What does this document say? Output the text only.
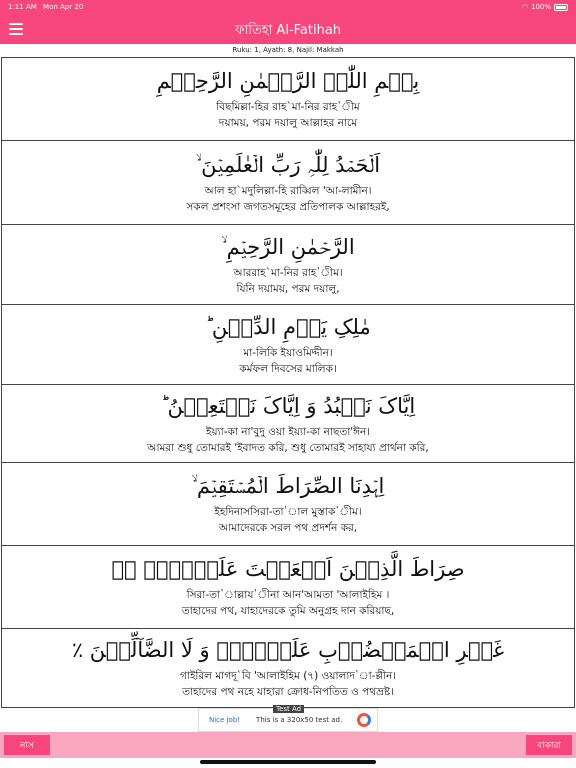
1:11 AM Mon Apr 20	◠ 100%
ফাতিহা Al-Fatihah
Ruku: 1, Ayath: 8, Najil: Makkah
بِسۡمِ اللّٰہِ الرَّحۡمٰنِ الرَّحِیۡمِ
বিছমিল্লা-হির রাহ`মা-নির রাহ`ীম
দয়াময়, পরম দয়ালু আল্লাহর নামে
اَلۡحَمۡدُ لِلّٰہِ رَبِّ الۡعٰلَمِیۡنَ ۙ
আল হা`মদুলিল্লা-হি রাব্বিল 'আ-লামীন।
সকল প্রশংসা জগতসমূহের প্রতিপালক আল্লাহরই,
الرَّحۡمٰنِ الرَّحِیۡمِ ۙ
আররাহ`মা-নির রাহ`ীম।
যিনি দয়াময়, পরম দয়ালু,
مٰلِکِ یَوۡمِ الدِّیۡنِ ؕ
মা-লিকি ইয়াওমিদ্দীন।
কর্মফল দিবসের মালিক।
اِیَّاکَ نَعۡبُدُ وَ اِیَّاکَ نَسۡتَعِیۡنُ ؕ
ইয়্যা-কা না'বুদু ওয়া ইয়্যা-কা নাছতা'ঈন।
আমরা শুধু তোমারই 'ইবাদত করি, শুধু তোমারই সাহায্য প্রার্থনা করি,
اِہۡدِنَا الصِّرَاطَ الۡمُسۡتَقِیۡمَ ۙ
ইহদিনাসসিরা-তা`াল মুস্তাক`ীম।
আমাদেরকে সরল পথ প্রদর্শন কর,
صِرَاطَ الَّذِیۡنَ اَنۡعَمۡتَ عَلَیۡہِمۡ ۬ۙ
সিরা-তা`াল্লায`ীনা আন'আমতা 'আলাইহিম ।
তাহাদের পথ, যাহাদেরকে তুমি অনুগ্রহ দান করিয়াছ,
غَیۡرِ الۡمَغۡضُوۡبِ عَلَیۡہِمۡ وَ لَا الضَّآلِّیۡنَ ٪
গাইরিল মাগদূ`বি 'আলাইহিম (৭) ওয়ালাদ`া-ল্লীন।
তাহাদের পথ নহে যাহারা ক্রোধ-নিপতিত ও পথভ্রষ্ট।
Test Ad
Nice job! This is a 320x50 test ad.
নাস	বাকারা
